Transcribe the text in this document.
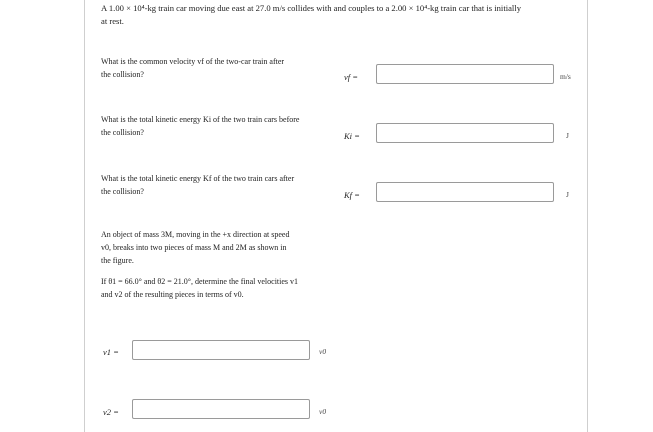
A 1.00 × 10⁴-kg train car moving due east at 27.0 m/s collides with and couples to a 2.00 × 10⁴-kg train car that is initially
at rest.
What is the common velocity vf of the two-car train after
the collision?	vf =	m/s
What is the total kinetic energy Ki of the two train cars before
the collision?	Ki =	J
What is the total kinetic energy Kf of the two train cars after
the collision?	Kf =	J
An object of mass 3M, moving in the +x direction at speed
v0, breaks into two pieces of mass M and 2M as shown in
the figure.
If θ1 = 66.0° and θ2 = 21.0°, determine the final velocities v1
and v2 of the resulting pieces in terms of v0.
v1 =	v0
v2 =	v0
